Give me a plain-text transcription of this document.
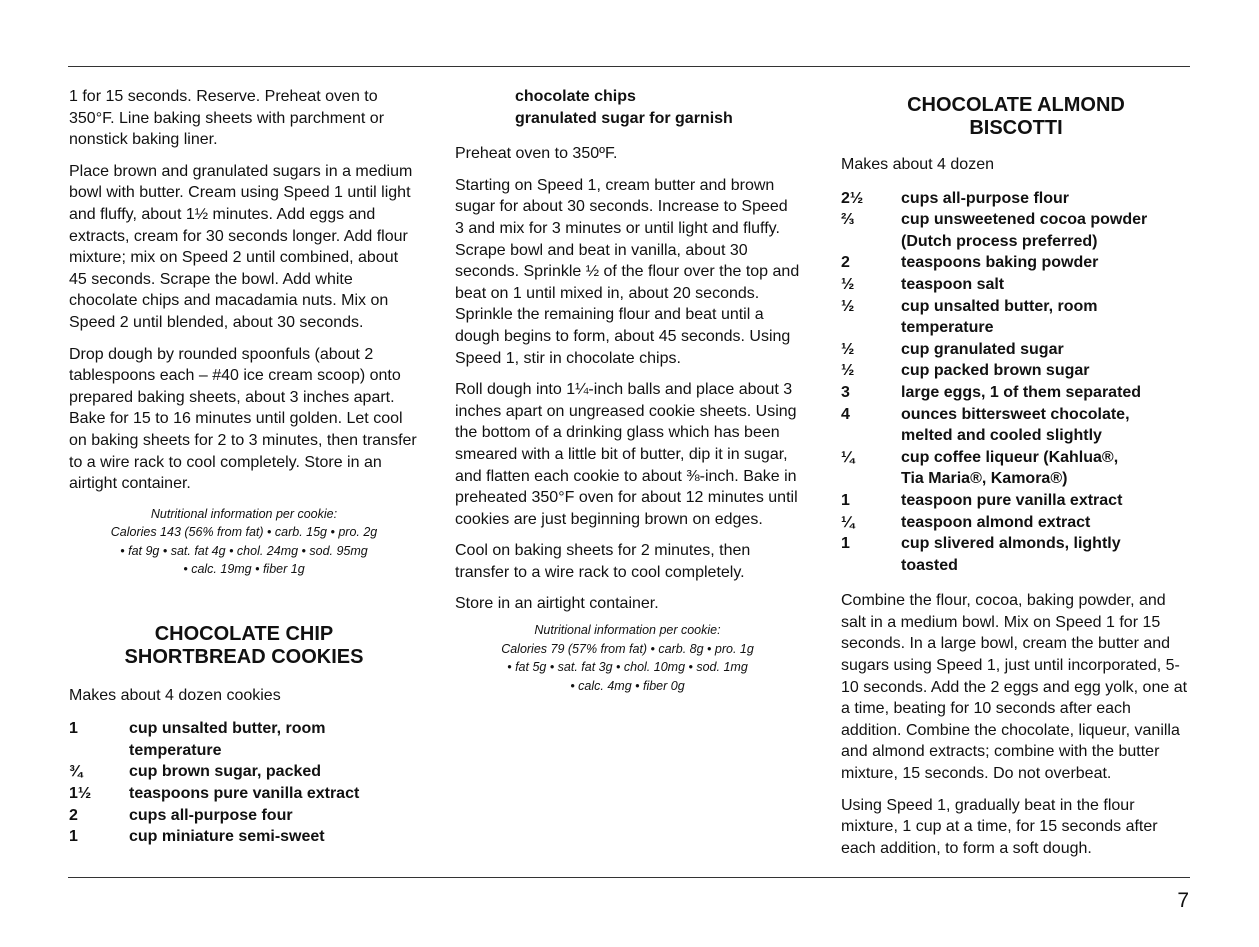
1 for 15 seconds. Reserve. Preheat oven to 350°F. Line baking sheets with parchment or nonstick baking liner.

Place brown and granulated sugars in a medium bowl with butter. Cream using Speed 1 until light and fluffy, about 1½ minutes. Add eggs and extracts, cream for 30 seconds longer. Add flour mixture; mix on Speed 2 until combined, about 45 seconds. Scrape the bowl. Add white chocolate chips and macadamia nuts. Mix on Speed 2 until blended, about 30 seconds.

Drop dough by rounded spoonfuls (about 2 tablespoons each – #40 ice cream scoop) onto prepared baking sheets, about 3 inches apart. Bake for 15 to 16 minutes until golden. Let cool on baking sheets for 2 to 3 minutes, then transfer to a wire rack to cool completely. Store in an airtight container.

Nutritional information per cookie:
Calories 143 (56% from fat) • carb. 15g • pro. 2g
• fat 9g • sat. fat 4g • chol. 24mg • sod. 95mg
• calc. 19mg • fiber 1g
CHOCOLATE CHIP
SHORTBREAD COOKIES

Makes about 4 dozen cookies

1	cup unsalted butter, room
temperature
¾	cup brown sugar, packed
1½	teaspoons pure vanilla extract
2	cups all-purpose four
1	cup miniature semi-sweet
chocolate chips
granulated sugar for garnish

Preheat oven to 350ºF.

Starting on Speed 1, cream butter and brown sugar for about 30 seconds. Increase to Speed 3 and mix for 3 minutes or until light and fluffy. Scrape bowl and beat in vanilla, about 30 seconds. Sprinkle ½ of the flour over the top and beat on 1 until mixed in, about 20 seconds. Sprinkle the remaining flour and beat until a dough begins to form, about 45 seconds. Using Speed 1, stir in chocolate chips.

Roll dough into 1¼-inch balls and place about 3 inches apart on ungreased cookie sheets. Using the bottom of a drinking glass which has been smeared with a little bit of butter, dip it in sugar, and flatten each cookie to about ⅜-inch. Bake in preheated 350°F oven for about 12 minutes until cookies are just beginning brown on edges.

Cool on baking sheets for 2 minutes, then transfer to a wire rack to cool completely.

Store in an airtight container.

Nutritional information per cookie:
Calories 79 (57% from fat) • carb. 8g • pro. 1g
• fat 5g • sat. fat 3g • chol. 10mg • sod. 1mg
• calc. 4mg • fiber 0g
CHOCOLATE ALMOND
BISCOTTI

Makes about 4 dozen

2½	cups all-purpose flour
⅔	cup unsweetened cocoa powder
(Dutch process preferred)
2	teaspoons baking powder
½	teaspoon salt
½	cup unsalted butter, room
temperature
½	cup granulated sugar
½	cup packed brown sugar
3	large eggs, 1 of them separated
4	ounces bittersweet chocolate,
melted and cooled slightly
¼	cup coffee liqueur (Kahlua®,
Tia Maria®, Kamora®)
1	teaspoon pure vanilla extract
¼	teaspoon almond extract
1	cup slivered almonds, lightly
toasted

Combine the flour, cocoa, baking powder, and salt in a medium bowl. Mix on Speed 1 for 15 seconds. In a large bowl, cream the butter and sugars using Speed 1, just until incorporated, 5-10 seconds. Add the 2 eggs and egg yolk, one at a time, beating for 10 seconds after each addition. Combine the chocolate, liqueur, vanilla and almond extracts; combine with the butter mixture, 15 seconds. Do not overbeat.

Using Speed 1, gradually beat in the flour mixture, 1 cup at a time, for 15 seconds after each addition, to form a soft dough.

7
